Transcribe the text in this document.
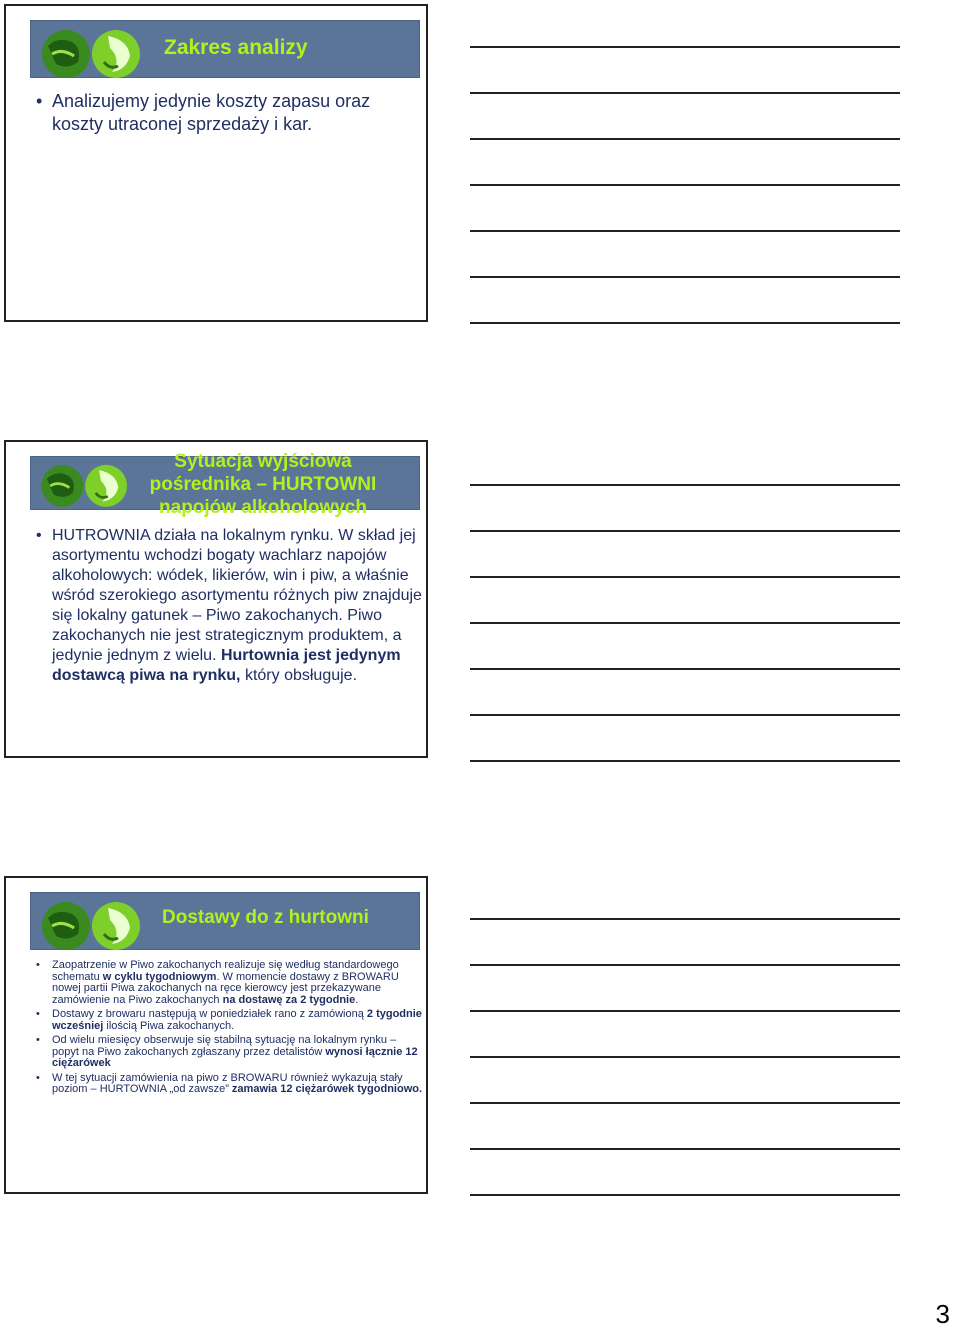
Zakres analizy
• Analizujemy jedynie koszty zapasu oraz koszty utraconej sprzedaży i kar.
Sytuacja wyjściowa
pośrednika – HURTOWNI
napojów alkoholowych
• HUTROWNIA działa na lokalnym rynku. W skład jej asortymentu wchodzi bogaty wachlarz napojów alkoholowych: wódek, likierów, win i piw, a właśnie wśród szerokiego asortymentu różnych piw znajduje się lokalny gatunek – Piwo zakochanych. Piwo zakochanych nie jest strategicznym produktem, a jedynie jednym z wielu. Hurtownia jest jedynym dostawcą piwa na rynku, który obsługuje.
Dostawy do z hurtowni
• Zaopatrzenie w Piwo zakochanych realizuje się według standardowego schematu w cyklu tygodniowym. W momencie dostawy z BROWARU nowej partii Piwa zakochanych na ręce kierowcy jest przekazywane zamówienie na Piwo zakochanych na dostawę za 2 tygodnie.
• Dostawy z browaru następują w poniedziałek rano z zamówioną 2 tygodnie wcześniej ilością Piwa zakochanych.
• Od wielu miesięcy obserwuje się stabilną sytuację na lokalnym rynku – popyt na Piwo zakochanych zgłaszany przez detalistów wynosi łącznie 12 ciężarówek
• W tej sytuacji zamówienia na piwo z BROWARU również wykazują stały poziom – HURTOWNIA „od zawsze” zamawia 12 ciężarówek tygodniowo.
3
